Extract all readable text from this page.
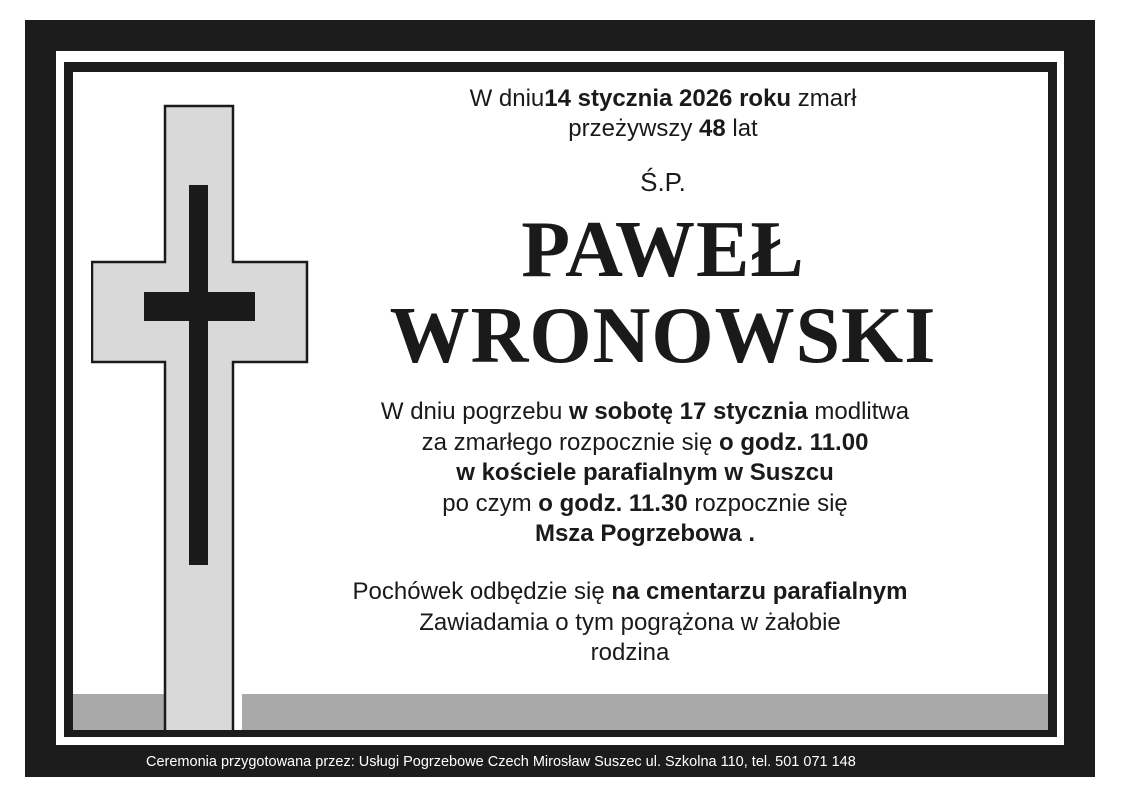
W dniu14 stycznia 2026 roku zmarł
przeżywszy 48 lat
Ś.P.
PAWEŁ
WRONOWSKI
W dniu pogrzebu w sobotę 17 stycznia modlitwa
za zmarłego rozpocznie się o godz. 11.00
w kościele parafialnym w Suszcu
po czym o godz. 11.30 rozpocznie się
Msza Pogrzebowa .
Pochówek odbędzie się na cmentarzu parafialnym
Zawiadamia o tym pogrążona w żałobie
rodzina
Ceremonia przygotowana przez: Usługi Pogrzebowe Czech Mirosław Suszec ul. Szkolna 110, tel. 501 071 148
